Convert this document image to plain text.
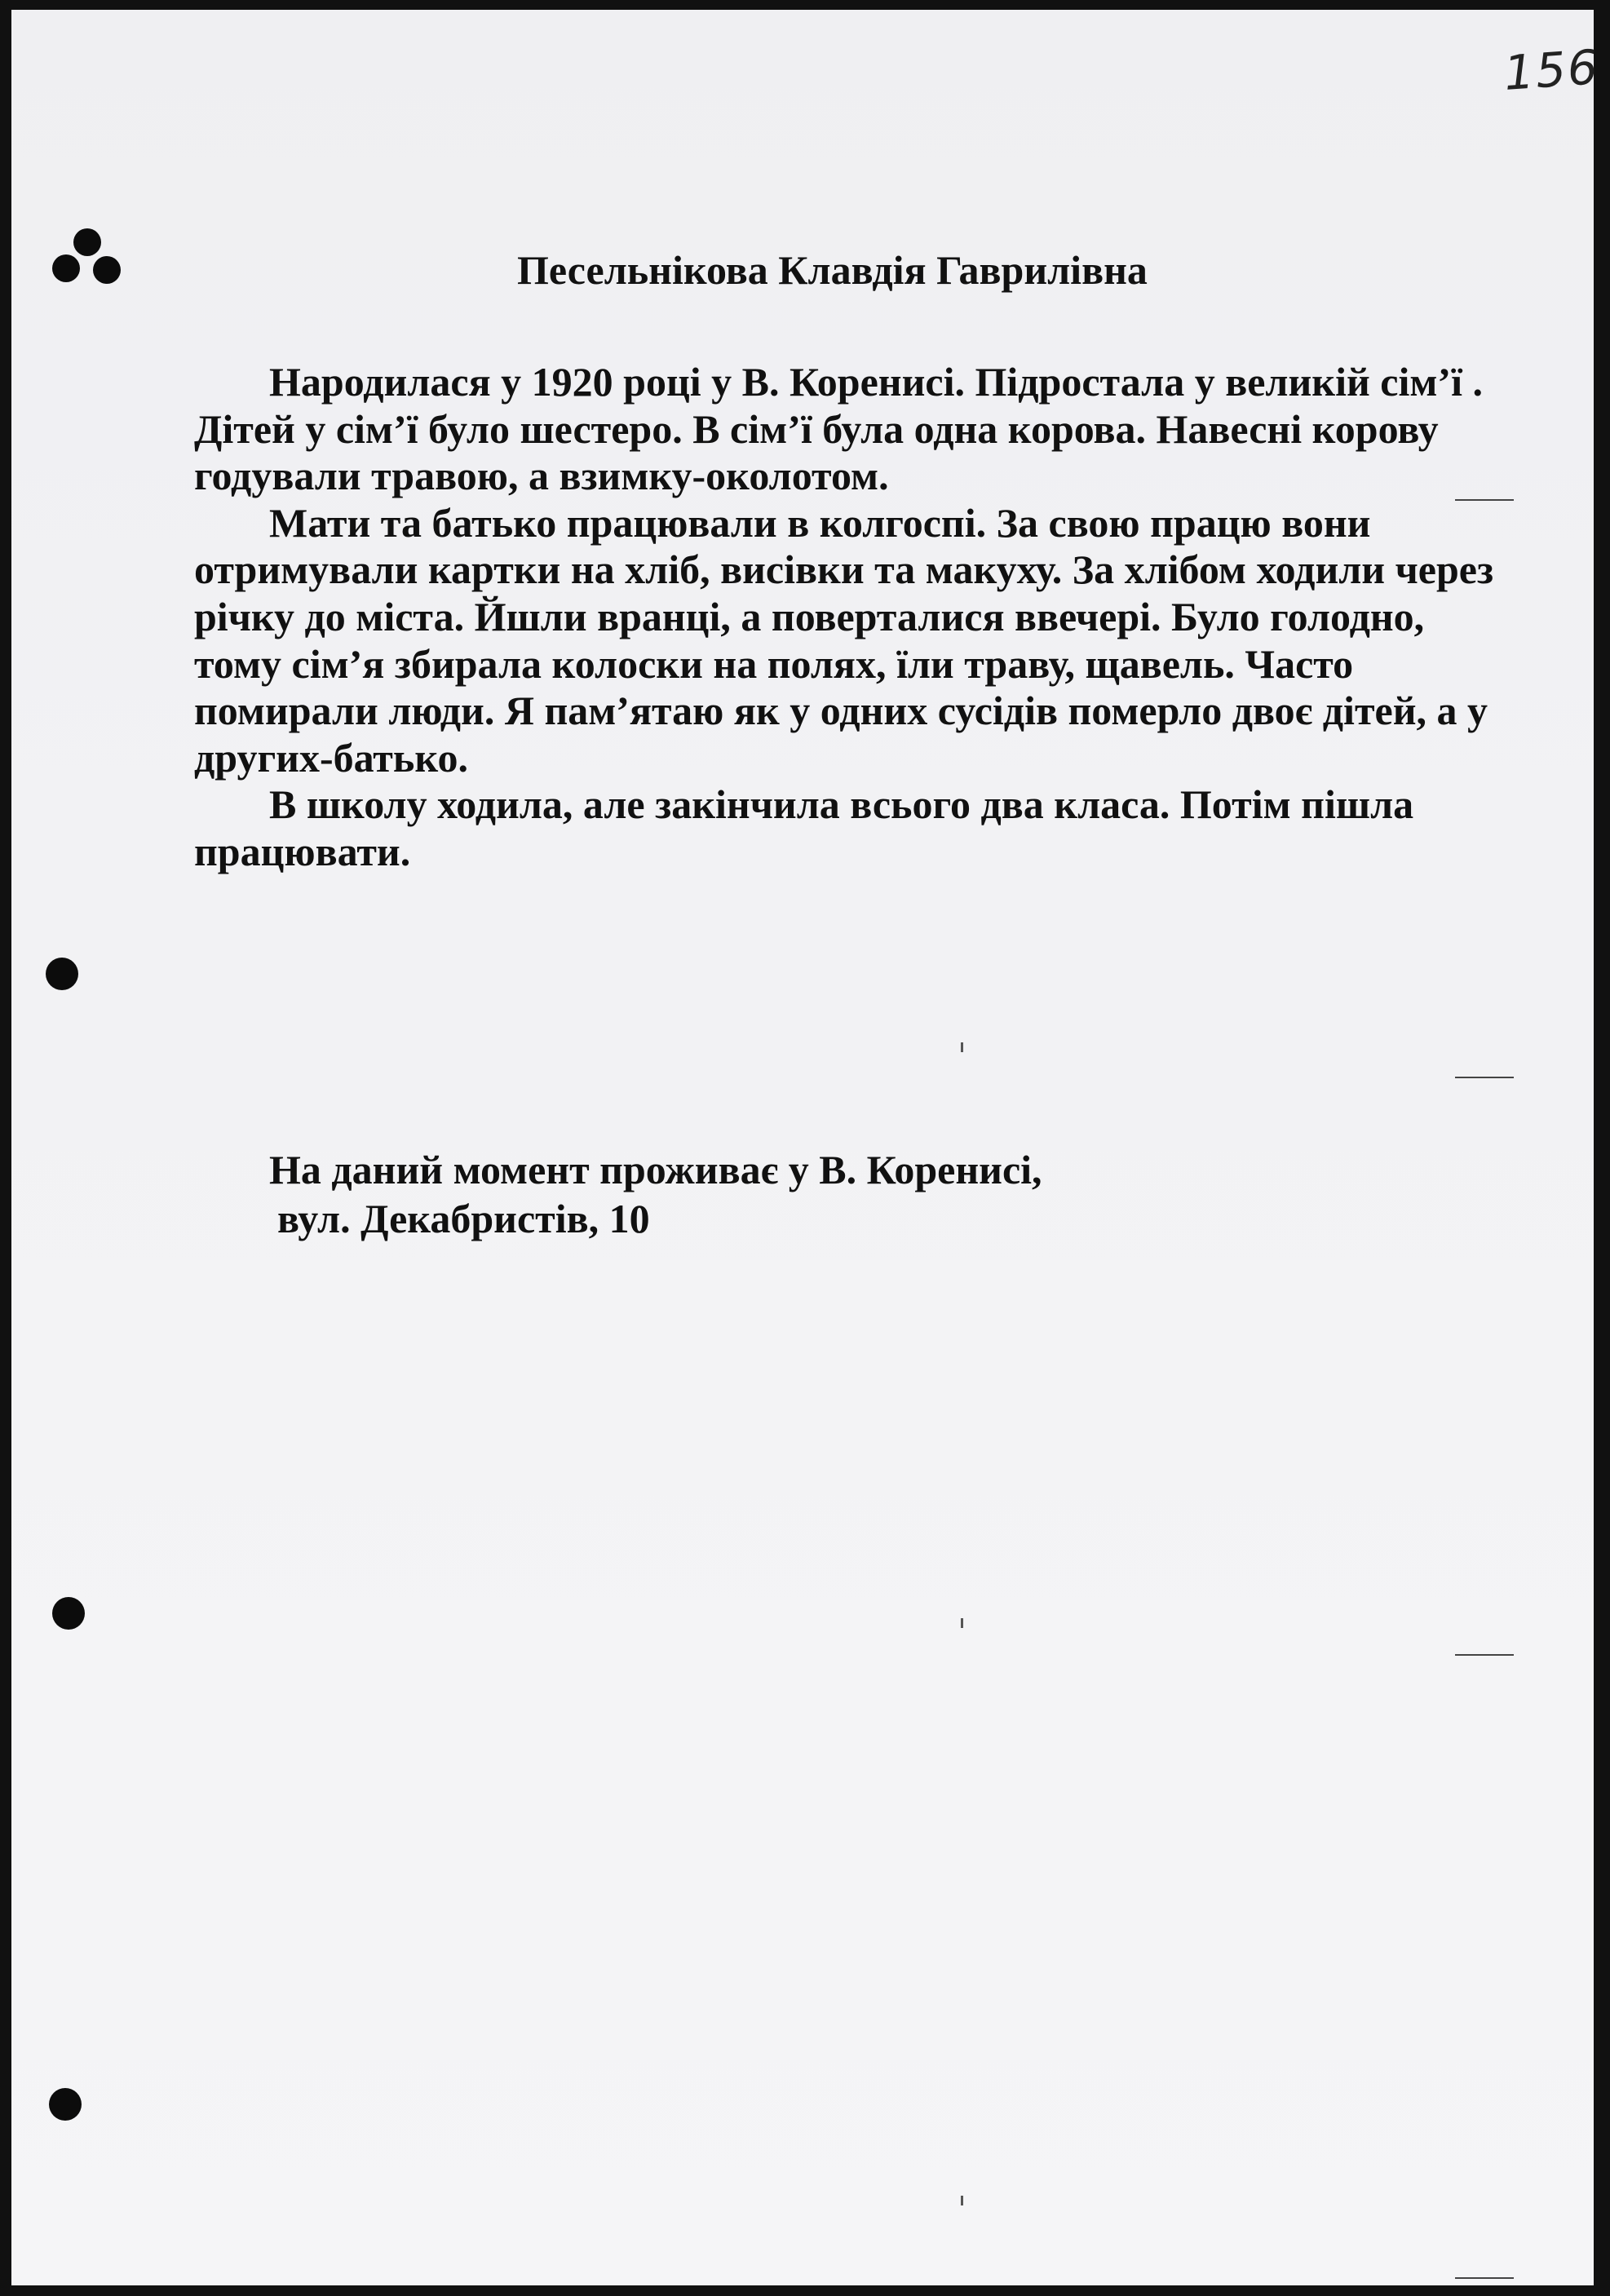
156
Песельнікова Клавдія Гаврилівна

Народилася у 1920 році у В. Коренисі. Підростала у великій сім’ї . Дітей у сім’ї було шестеро. В сім’ї була одна корова. Навесні корову годували травою, а взимку-околотом.

Мати та батько працювали в колгоспі. За свою працю вони отримували картки на хліб, висівки та макуху. За хлібом ходили через річку до міста. Йшли вранці, а поверталися ввечері. Було голодно, тому сім’я збирала колоски на полях, їли траву, щавель. Часто помирали люди. Я пам’ятаю як у одних сусідів померло двоє дітей, а у других-батько.

В школу ходила, але закінчила всього два класа. Потім пішла працювати.

На даний момент проживає у В. Коренисі,
вул. Декабристів, 10
